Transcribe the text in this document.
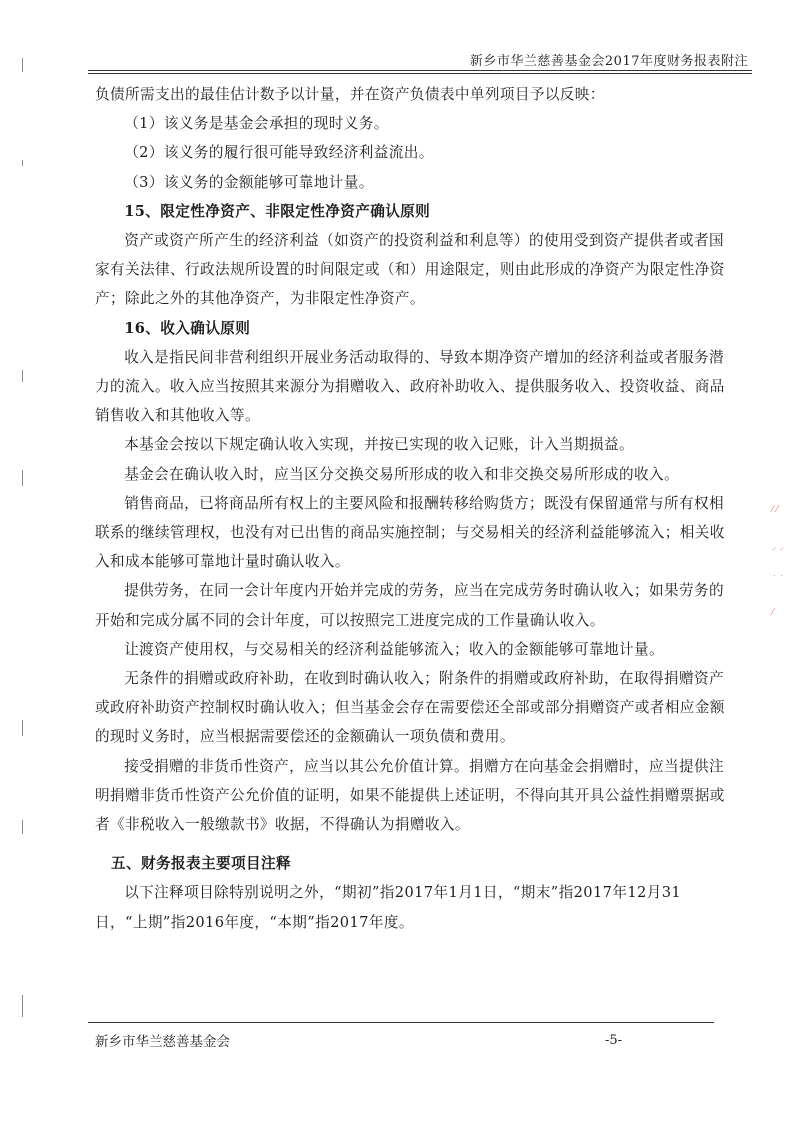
新乡市华兰慈善基金会2017年度财务报表附注

负债所需支出的最佳估计数予以计量，并在资产负债表中单列项目予以反映：

（1）该义务是基金会承担的现时义务。

（2）该义务的履行很可能导致经济利益流出。

（3）该义务的金额能够可靠地计量。

15、限定性净资产、非限定性净资产确认原则

资产或资产所产生的经济利益（如资产的投资利益和利息等）的使用受到资产提供者或者国家有关法律、行政法规所设置的时间限定或（和）用途限定，则由此形成的净资产为限定性净资产；除此之外的其他净资产，为非限定性净资产。

16、收入确认原则

收入是指民间非营利组织开展业务活动取得的、导致本期净资产增加的经济利益或者服务潜力的流入。收入应当按照其来源分为捐赠收入、政府补助收入、提供服务收入、投资收益、商品销售收入和其他收入等。

本基金会按以下规定确认收入实现，并按已实现的收入记账，计入当期损益。

基金会在确认收入时，应当区分交换交易所形成的收入和非交换交易所形成的收入。

销售商品，已将商品所有权上的主要风险和报酬转移给购货方；既没有保留通常与所有权相联系的继续管理权，也没有对已出售的商品实施控制；与交易相关的经济利益能够流入；相关收入和成本能够可靠地计量时确认收入。

提供劳务，在同一会计年度内开始并完成的劳务，应当在完成劳务时确认收入；如果劳务的开始和完成分属不同的会计年度，可以按照完工进度完成的工作量确认收入。

让渡资产使用权，与交易相关的经济利益能够流入；收入的金额能够可靠地计量。

无条件的捐赠或政府补助，在收到时确认收入；附条件的捐赠或政府补助，在取得捐赠资产或政府补助资产控制权时确认收入；但当基金会存在需要偿还全部或部分捐赠资产或者相应金额的现时义务时，应当根据需要偿还的金额确认一项负债和费用。

接受捐赠的非货币性资产，应当以其公允价值计算。捐赠方在向基金会捐赠时，应当提供注明捐赠非货币性资产公允价值的证明，如果不能提供上述证明，不得向其开具公益性捐赠票据或者《非税收入一般缴款书》收据，不得确认为捐赠收入。

五、财务报表主要项目注释

以下注释项目除特别说明之外，“期初”指2017年1月1日，“期末”指2017年12月31日，“上期”指2016年度，“本期”指2017年度。

新乡市华兰慈善基金会	-5-
⁄ ⁄
⸝ ⸝
˙ ˙
⁄
